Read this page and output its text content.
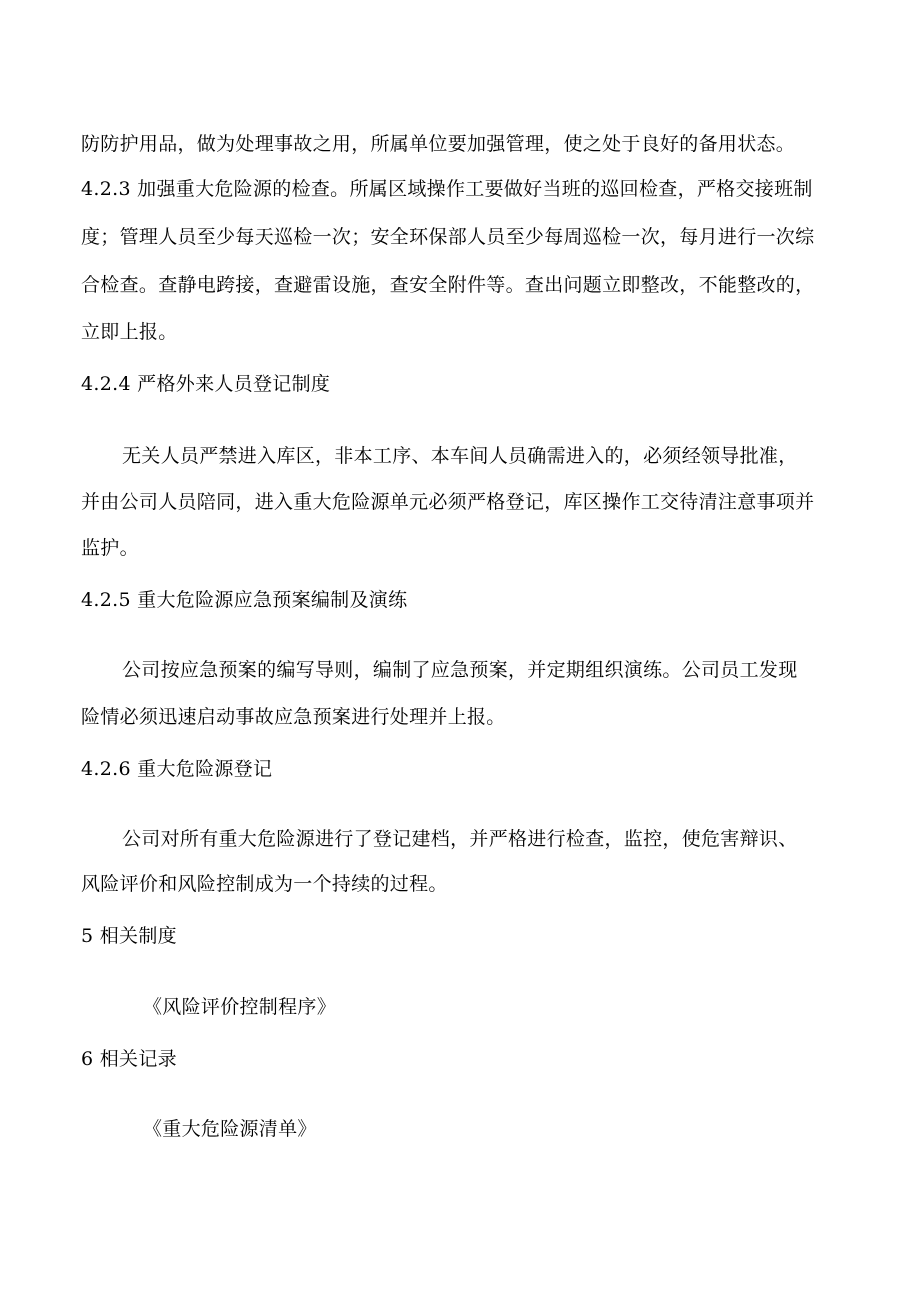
防防护用品，做为处理事故之用，所属单位要加强管理，使之处于良好的备用状态。

4.2.3 加强重大危险源的检查。所属区域操作工要做好当班的巡回检查，严格交接班制

度；管理人员至少每天巡检一次；安全环保部人员至少每周巡检一次，每月进行一次综

合检查。查静电跨接，查避雷设施，查安全附件等。查出问题立即整改，不能整改的，

立即上报。

4.2.4 严格外来人员登记制度

无关人员严禁进入库区，非本工序、本车间人员确需进入的，必须经领导批准，

并由公司人员陪同，进入重大危险源单元必须严格登记，库区操作工交待清注意事项并

监护。

4.2.5 重大危险源应急预案编制及演练

公司按应急预案的编写导则，编制了应急预案，并定期组织演练。公司员工发现

险情必须迅速启动事故应急预案进行处理并上报。

4.2.6 重大危险源登记

公司对所有重大危险源进行了登记建档，并严格进行检查，监控，使危害辩识、

风险评价和风险控制成为一个持续的过程。

5 相关制度

《风险评价控制程序》

6 相关记录

《重大危险源清单》
